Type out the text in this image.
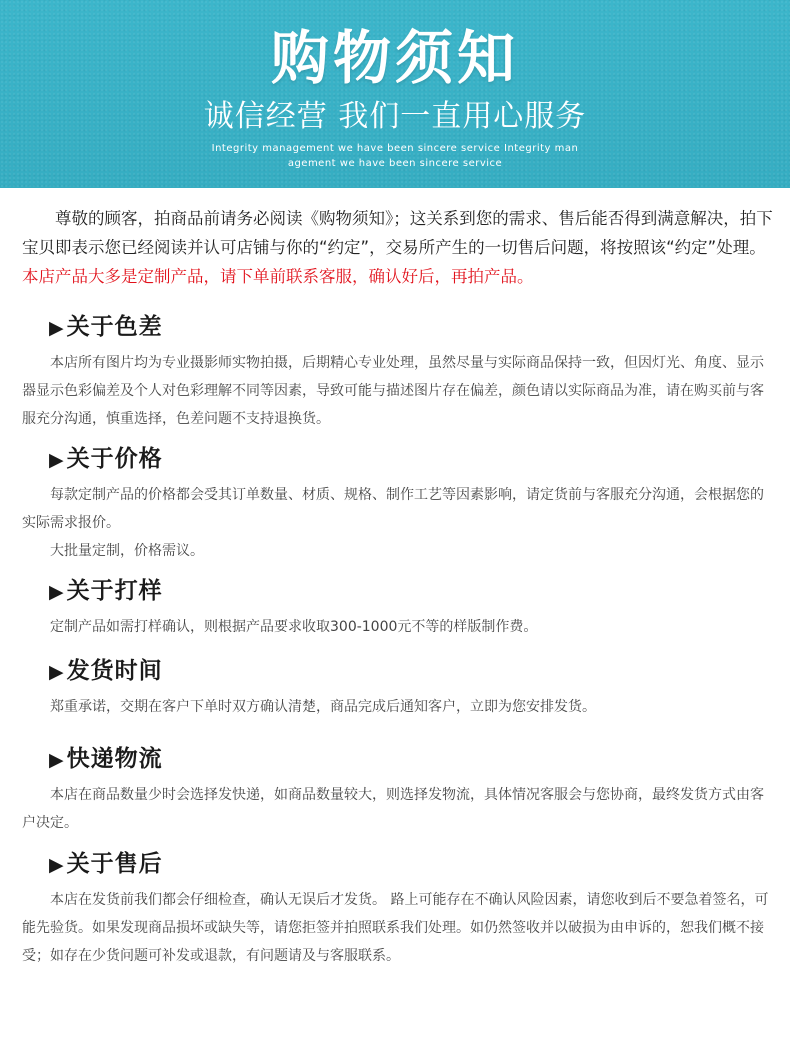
购物须知
诚信经营 我们一直用心服务
Integrity management we have been sincere service Integrity management we have been sincere service

尊敬的顾客，拍商品前请务必阅读《购物须知》；这关系到您的需求、售后能否得到满意解决，拍下宝贝即表示您已经阅读并认可店铺与你的“约定”，交易所产生的一切售后问题，将按照该“约定”处理。 本店产品大多是定制产品，请下单前联系客服，确认好后，再拍产品。

▶关于色差

本店所有图片均为专业摄影师实物拍摄，后期精心专业处理，虽然尽量与实际商品保持一致，但因灯光、角度、显示器显示色彩偏差及个人对色彩理解不同等因素，导致可能与描述图片存在偏差，颜色请以实际商品为准，请在购买前与客服充分沟通，慎重选择，色差问题不支持退换货。

▶关于价格

每款定制产品的价格都会受其订单数量、材质、规格、制作工艺等因素影响，请定货前与客服充分沟通，会根据您的实际需求报价。

大批量定制，价格需议。

▶关于打样

定制产品如需打样确认，则根据产品要求收取300-1000元不等的样版制作费。

▶发货时间

郑重承诺，交期在客户下单时双方确认清楚，商品完成后通知客户，立即为您安排发货。

▶快递物流

本店在商品数量少时会选择发快递，如商品数量较大，则选择发物流，具体情况客服会与您协商，最终发货方式由客户决定。

▶关于售后

本店在发货前我们都会仔细检查，确认无误后才发货。 路上可能存在不确认风险因素，请您收到后不要急着签名，可能先验货。如果发现商品损坏或缺失等，请您拒签并拍照联系我们处理。如仍然签收并以破损为由申诉的，恕我们概不接受；如存在少货问题可补发或退款，有问题请及与客服联系。
